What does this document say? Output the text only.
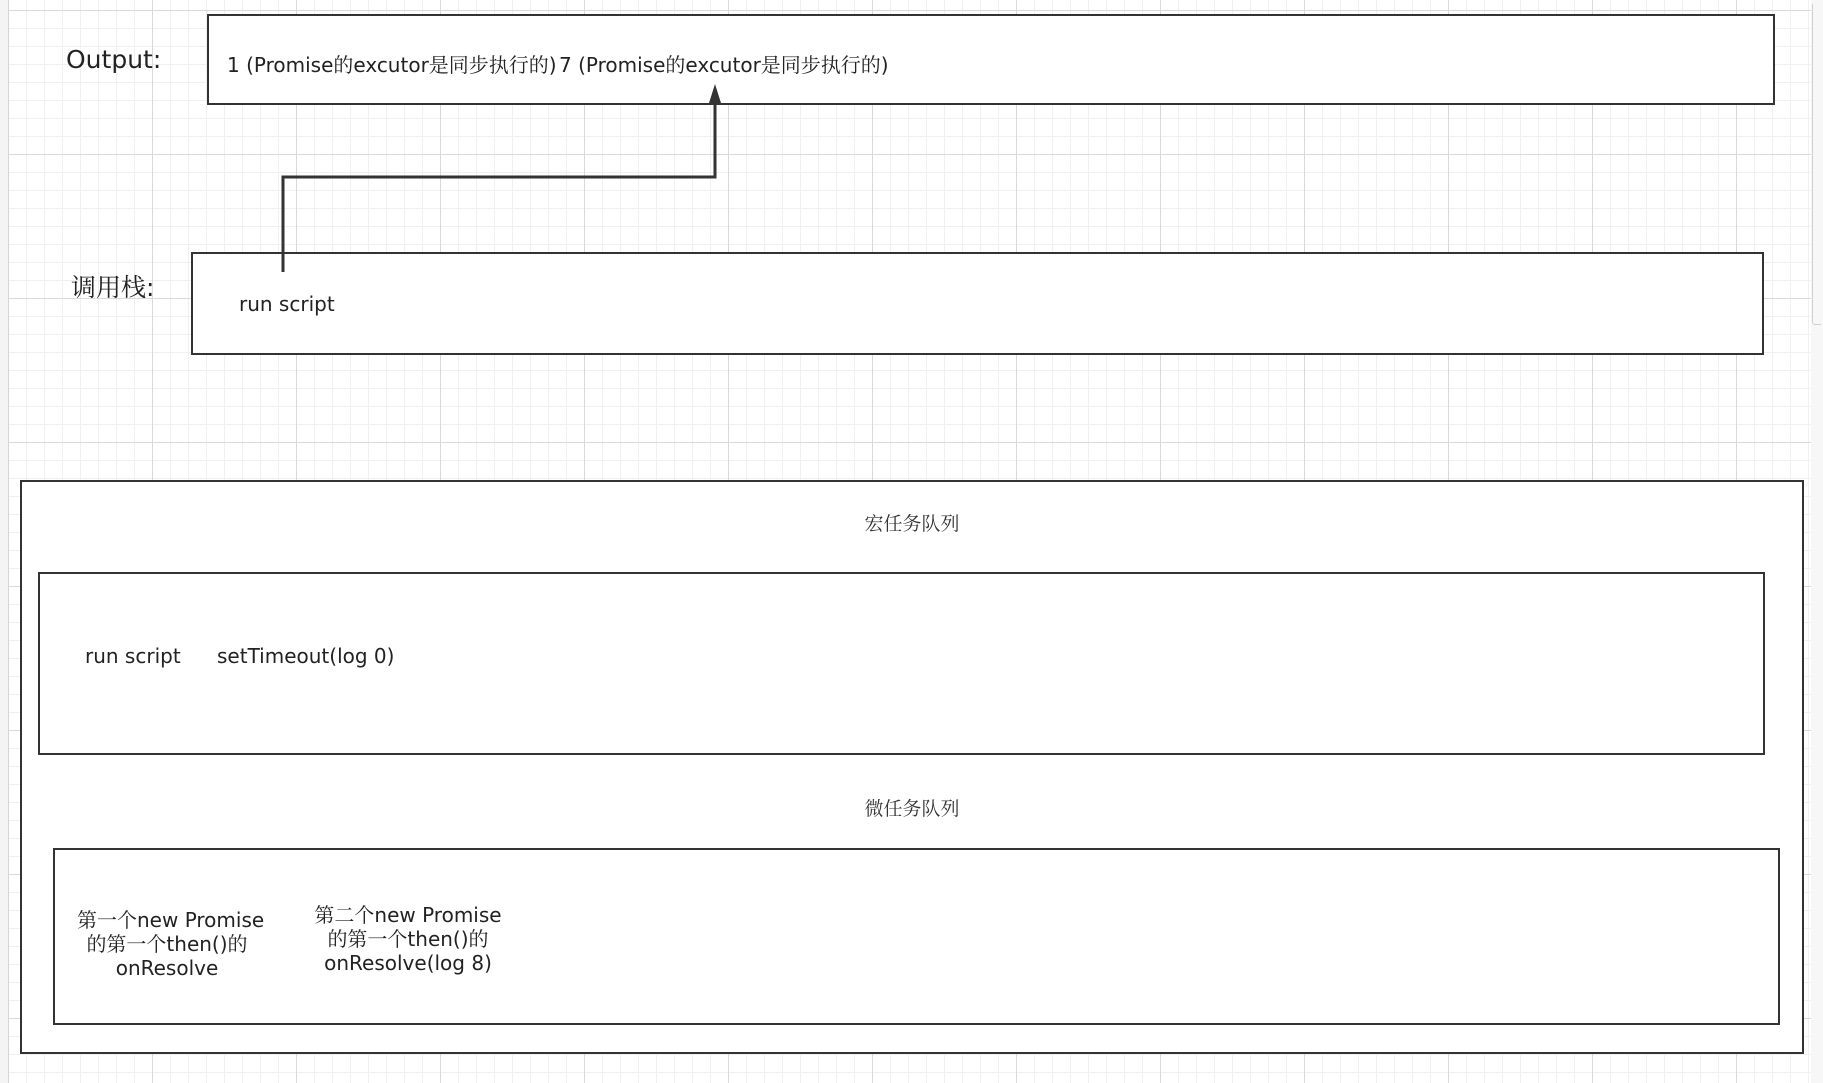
Output:	1 (Promise的excutor是同步执行的) 7 (Promise的excutor是同步执行的)
调用栈:
run script
宏任务队列
微任务队列
run script setTimeout(log 0)
第一个new Promise
的第一个then()的
onResolve
第二个new Promise
的第一个then()的
onResolve(log 8)
